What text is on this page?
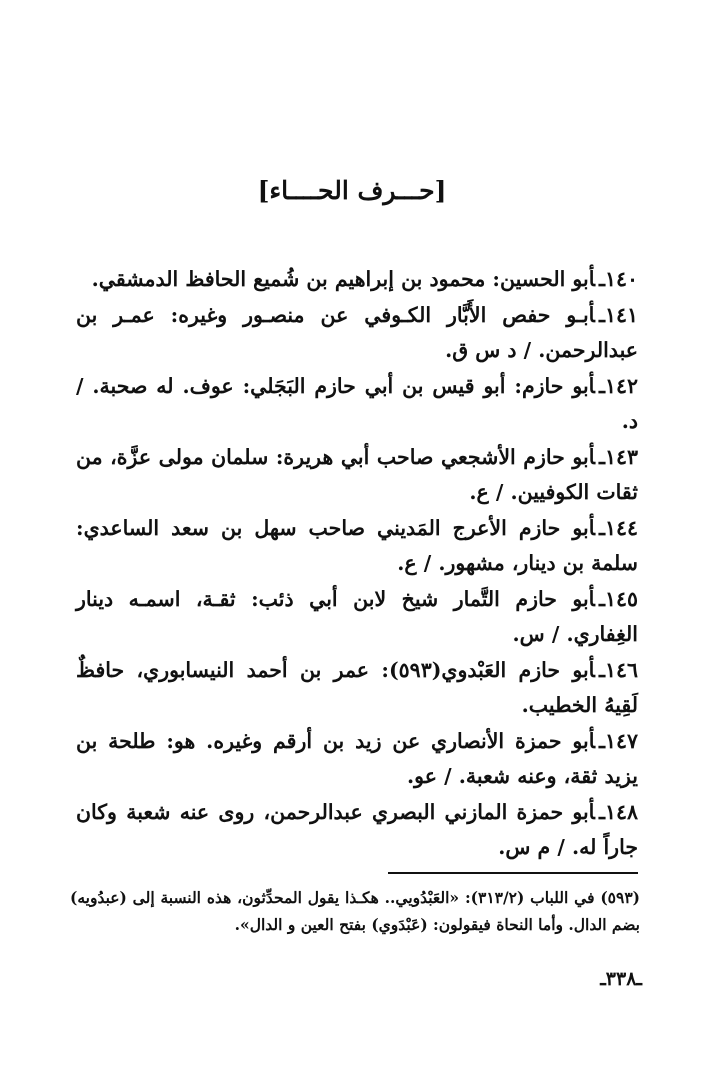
[حـــرف الحــــاء]

١٤٠ـأبو الحسين: محمود بن إبراهيم بن شُميع الحافظ الدمشقي.

١٤١ـأبـو حفص الأَبَّار الكـوفي عن منصـور وغيره: عمـر بن عبدالرحمن. / د س ق.

١٤٢ـأبو حازم: أبو قيس بن أبي حازم البَجَلي: عوف. له صحبة. / د.

١٤٣ـأبو حازم الأشجعي صاحب أبي هريرة: سلمان مولى عزَّة، من ثقات الكوفيين. / ع.

١٤٤ـأبو حازم الأعرج المَديني صاحب سهل بن سعد الساعدي: سلمة بن دينار، مشهور. / ع.

١٤٥ـأبو حازم التَّمار شيخ لابن أبي ذئب: ثقـة، اسمـه دينار الغِفاري. / س.

١٤٦ـأبو حازم العَبْدوي(٥٩٣): عمر بن أحمد النيسابوري، حافظٌ لَقِيهُ الخطيب.

١٤٧ـأبو حمزة الأنصاري عن زيد بن أرقم وغيره. هو: طلحة بن يزيد ثقة، وعنه شعبة. / عو.

١٤٨ـأبو حمزة المازني البصري عبدالرحمن، روى عنه شعبة وكان جاراً له. / م س.

(٥٩٣) في اللباب (٣١٣/٢): «العَبْدُويي.. هكـذا يقول المحدِّثون، هذه النسبة إلى (عبدُويه) بضم الدال. وأما النحاة فيقولون: (عَبْدَوي) بفتح العين و الدال».
ـ٣٣٨ـ
